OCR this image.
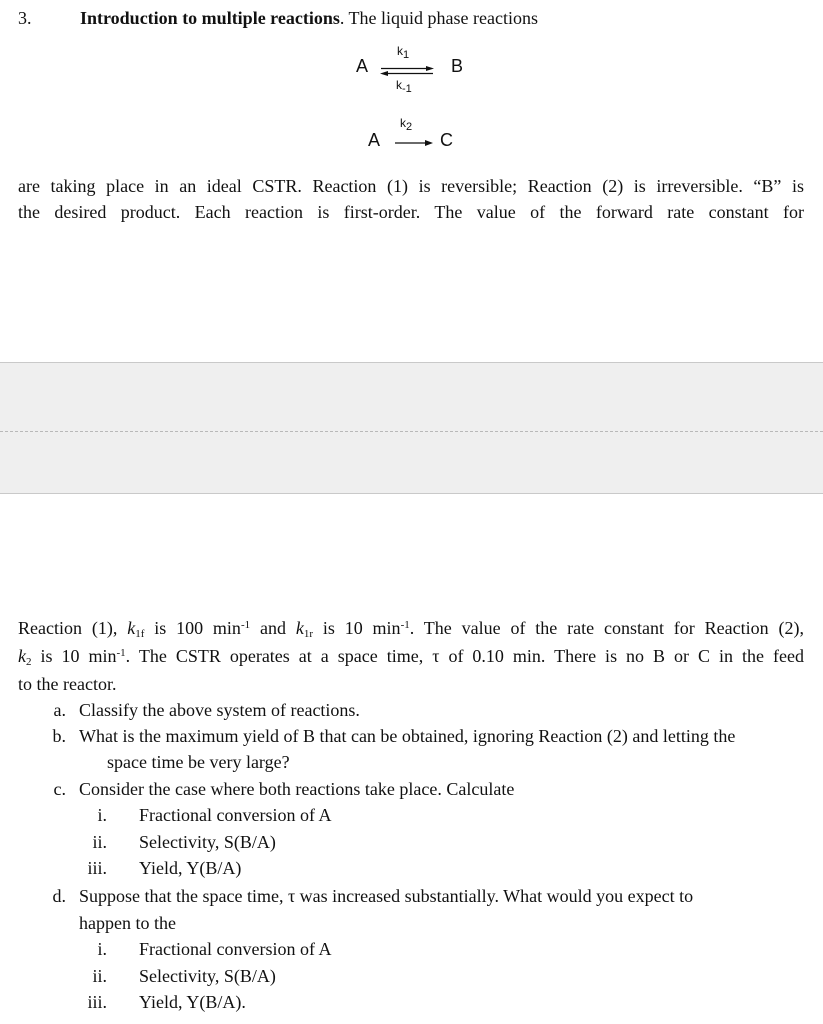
3.	Introduction to multiple reactions. The liquid phase reactions
A
$k_1$
$k_{-1}$
B
A
$k_2$
C
are taking place in an ideal CSTR. Reaction (1) is reversible; Reaction (2) is irreversible. “B” is
the desired product. Each reaction is first-order. The value of the forward rate constant for
Reaction (1), $k_{1f}$ is 100 $\min^{-1}$ and $k_{1r}$ is 10 $\min^{-1}$. The value of the rate constant for Reaction (2),
$k_2$ is 10 $\min^{-1}$. The CSTR operates at a space time, τ of 0.10 min. There is no B or C in the feed
to the reactor.
a. Classify the above system of reactions.
b. What is the maximum yield of B that can be obtained, ignoring Reaction (2) and letting the
space time be very large?
c. Consider the case where both reactions take place. Calculate
i. Fractional conversion of A
ii. Selectivity, S(B/A)
iii. Yield, Y(B/A)
d. Suppose that the space time, τ was increased substantially. What would you expect to
happen to the
i. Fractional conversion of A
ii. Selectivity, S(B/A)
iii. Yield, Y(B/A).
